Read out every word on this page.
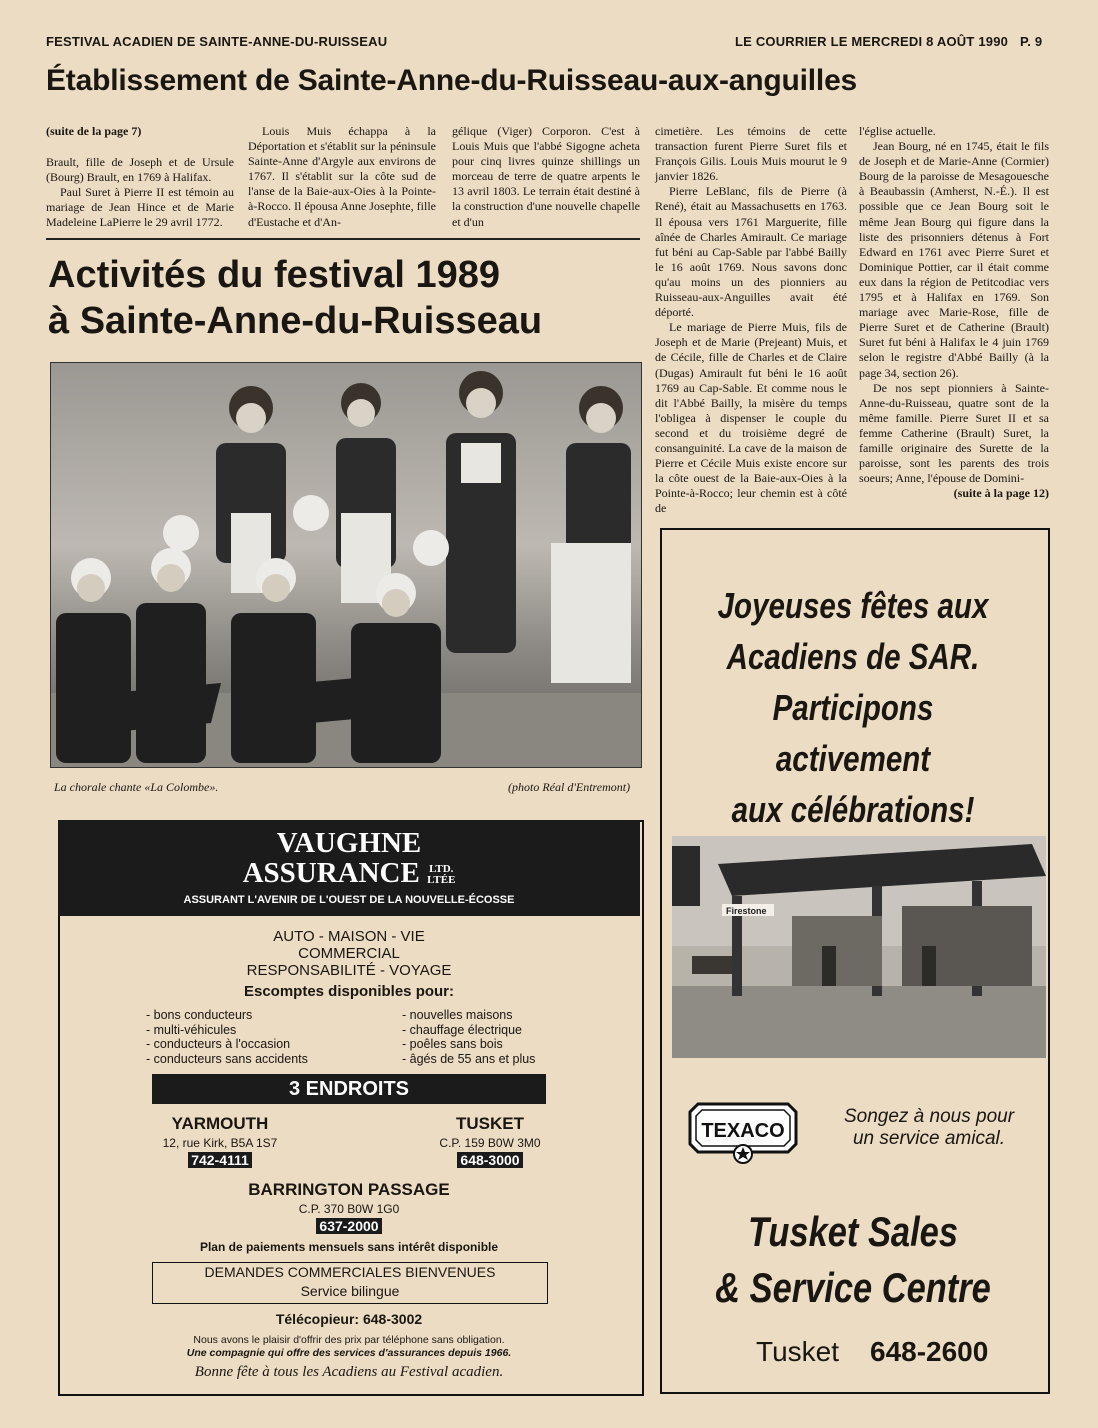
FESTIVAL ACADIEN DE SAINTE-ANNE-DU-RUISSEAU	LE COURRIER LE MERCREDI 8 AOÛT 1990 P. 9
Établissement de Sainte-Anne-du-Ruisseau-aux-anguilles

(suite de la page 7)

Brault, fille de Joseph et de Ursule (Bourg) Brault, en 1769 à Halifax.

Paul Suret à Pierre II est témoin au mariage de Jean Hince et de Marie Madeleine LaPierre le 29 avril 1772.

Louis Muis échappa à la Déportation et s'établit sur la péninsule Sainte-Anne d'Argyle aux environs de 1767. Il s'établit sur la côte sud de l'anse de la Baie-aux-Oies à la Pointe-à-Rocco. Il épousa Anne Josephte, fille d'Eustache et d'An-

gélique (Viger) Corporon. C'est à Louis Muis que l'abbé Sigogne acheta pour cinq livres quinze shillings un morceau de terre de quatre arpents le 13 avril 1803. Le terrain était destiné à la construction d'une nouvelle chapelle et d'un

cimetière. Les témoins de cette transaction furent Pierre Suret fils et François Gilis. Louis Muis mourut le 9 janvier 1826.

Pierre LeBlanc, fils de Pierre (à René), était au Massachusetts en 1763. Il épousa vers 1761 Marguerite, fille aînée de Charles Amirault. Ce mariage fut béni au Cap-Sable par l'abbé Bailly le 16 août 1769. Nous savons donc qu'au moins un des pionniers au Ruisseau-aux-Anguilles avait été déporté.

Le mariage de Pierre Muis, fils de Joseph et de Marie (Prejeant) Muis, et de Cécile, fille de Charles et de Claire (Dugas) Amirault fut béni le 16 août 1769 au Cap-Sable. Et comme nous le dit l'Abbé Bailly, la misère du temps l'obligea à dispenser le couple du second et du troisième degré de consanguinité. La cave de la maison de Pierre et Cécile Muis existe encore sur la côte ouest de la Baie-aux-Oies à la Pointe-à-Rocco; leur chemin est à côté de

l'église actuelle.

Jean Bourg, né en 1745, était le fils de Joseph et de Marie-Anne (Cormier) Bourg de la paroisse de Mesagouesche à Beaubassin (Amherst, N.-É.). Il est possible que ce Jean Bourg soit le même Jean Bourg qui figure dans la liste des prisonniers détenus à Fort Edward en 1761 avec Pierre Suret et Dominique Pottier, car il était comme eux dans la région de Petitcodiac vers 1795 et à Halifax en 1769. Son mariage avec Marie-Rose, fille de Pierre Suret et de Catherine (Brault) Suret fut béni à Halifax le 4 juin 1769 selon le registre d'Abbé Bailly (à la page 34, section 26).

De nos sept pionniers à Sainte-Anne-du-Ruisseau, quatre sont de la même famille. Pierre Suret II et sa femme Catherine (Brault) Suret, la famille originaire des Surette de la paroisse, sont les parents des trois soeurs; Anne, l'épouse de Domini-

(suite à la page 12)

Activités du festival 1989
à Sainte-Anne-du-Ruisseau
La chorale chante «La Colombe».	(photo Réal d'Entremont)
VAUGHNE
ASSURANCE LTD.
LTÉE
ASSURANT L'AVENIR DE L'OUEST DE LA NOUVELLE-ÉCOSSE
AUTO - MAISON - VIE
COMMERCIAL
RESPONSABILITÉ - VOYAGE
Escomptes disponibles pour:
- bons conducteurs
- multi-véhicules
- conducteurs à l'occasion
- conducteurs sans accidents
- nouvelles maisons
- chauffage électrique
- poêles sans bois
- âgés de 55 ans et plus
3 ENDROITS
YARMOUTH
12, rue Kirk, B5A 1S7
742-4111
TUSKET
C.P. 159 B0W 3M0
648-3000
BARRINGTON PASSAGE
C.P. 370 B0W 1G0
637-2000
Plan de paiements mensuels sans intérêt disponible
DEMANDES COMMERCIALES BIENVENUES
Service bilingue
Télécopieur: 648-3002
Nous avons le plaisir d'offrir des prix par téléphone sans obligation.
Une compagnie qui offre des services d'assurances depuis 1966.
Bonne fête à tous les Acadiens au Festival acadien.
Joyeuses fêtes aux
Acadiens de SAR.
Participons activement
aux célébrations!
Firestone
TEXACO
Songez à nous pour
un service amical.
Tusket Sales
& Service Centre
Tusket 648-2600
